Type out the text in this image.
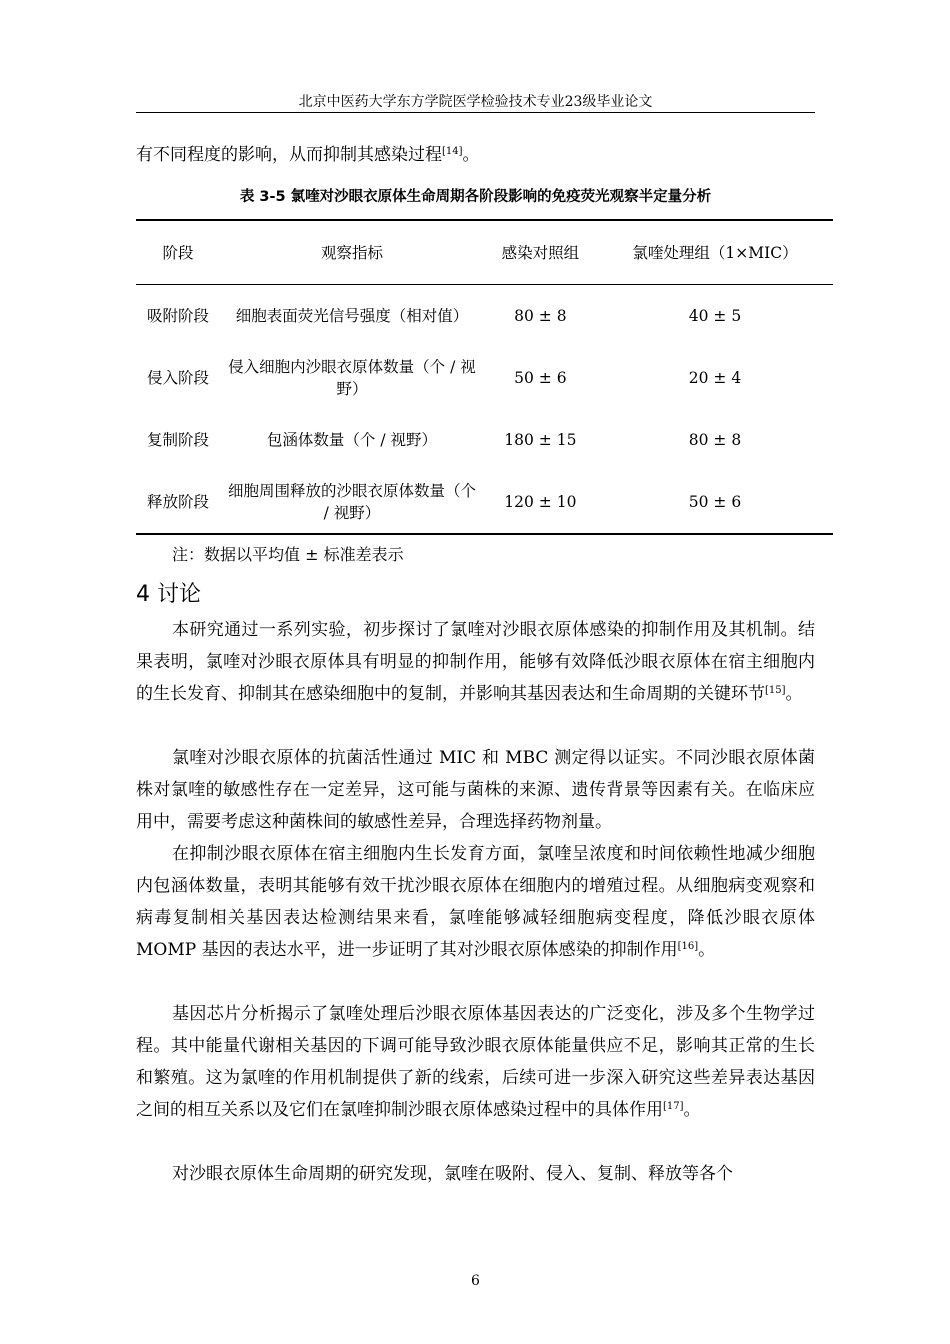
北京中医药大学东方学院医学检验技术专业23级毕业论文

有不同程度的影响，从而抑制其感染过程[14]。

表 3-5 氯喹对沙眼衣原体生命周期各阶段影响的免疫荧光观察半定量分析
阶段	观察指标	感染对照组	氯喹处理组（1×MIC）
吸附阶段	细胞表面荧光信号强度（相对值）	80 ± 8	40 ± 5
侵入阶段	侵入细胞内沙眼衣原体数量（个 / 视野）	50 ± 6	20 ± 4
复制阶段	包涵体数量（个 / 视野）	180 ± 15	80 ± 8
释放阶段	细胞周围释放的沙眼衣原体数量（个 / 视野）	120 ± 10	50 ± 6
注：数据以平均值 ± 标准差表示
4 讨论

本研究通过一系列实验，初步探讨了氯喹对沙眼衣原体感染的抑制作用及其机制。结果表明，氯喹对沙眼衣原体具有明显的抑制作用，能够有效降低沙眼衣原体在宿主细胞内的生长发育、抑制其在感染细胞中的复制，并影响其基因表达和生命周期的关键环节[15]。

氯喹对沙眼衣原体的抗菌活性通过 MIC 和 MBC 测定得以证实。不同沙眼衣原体菌株对氯喹的敏感性存在一定差异，这可能与菌株的来源、遗传背景等因素有关。在临床应用中，需要考虑这种菌株间的敏感性差异，合理选择药物剂量。

在抑制沙眼衣原体在宿主细胞内生长发育方面，氯喹呈浓度和时间依赖性地减少细胞内包涵体数量，表明其能够有效干扰沙眼衣原体在细胞内的增殖过程。从细胞病变观察和病毒复制相关基因表达检测结果来看，氯喹能够减轻细胞病变程度，降低沙眼衣原体 MOMP 基因的表达水平，进一步证明了其对沙眼衣原体感染的抑制作用[16]。

基因芯片分析揭示了氯喹处理后沙眼衣原体基因表达的广泛变化，涉及多个生物学过程。其中能量代谢相关基因的下调可能导致沙眼衣原体能量供应不足，影响其正常的生长和繁殖。这为氯喹的作用机制提供了新的线索，后续可进一步深入研究这些差异表达基因之间的相互关系以及它们在氯喹抑制沙眼衣原体感染过程中的具体作用[17]。

对沙眼衣原体生命周期的研究发现，氯喹在吸附、侵入、复制、释放等各个

6
